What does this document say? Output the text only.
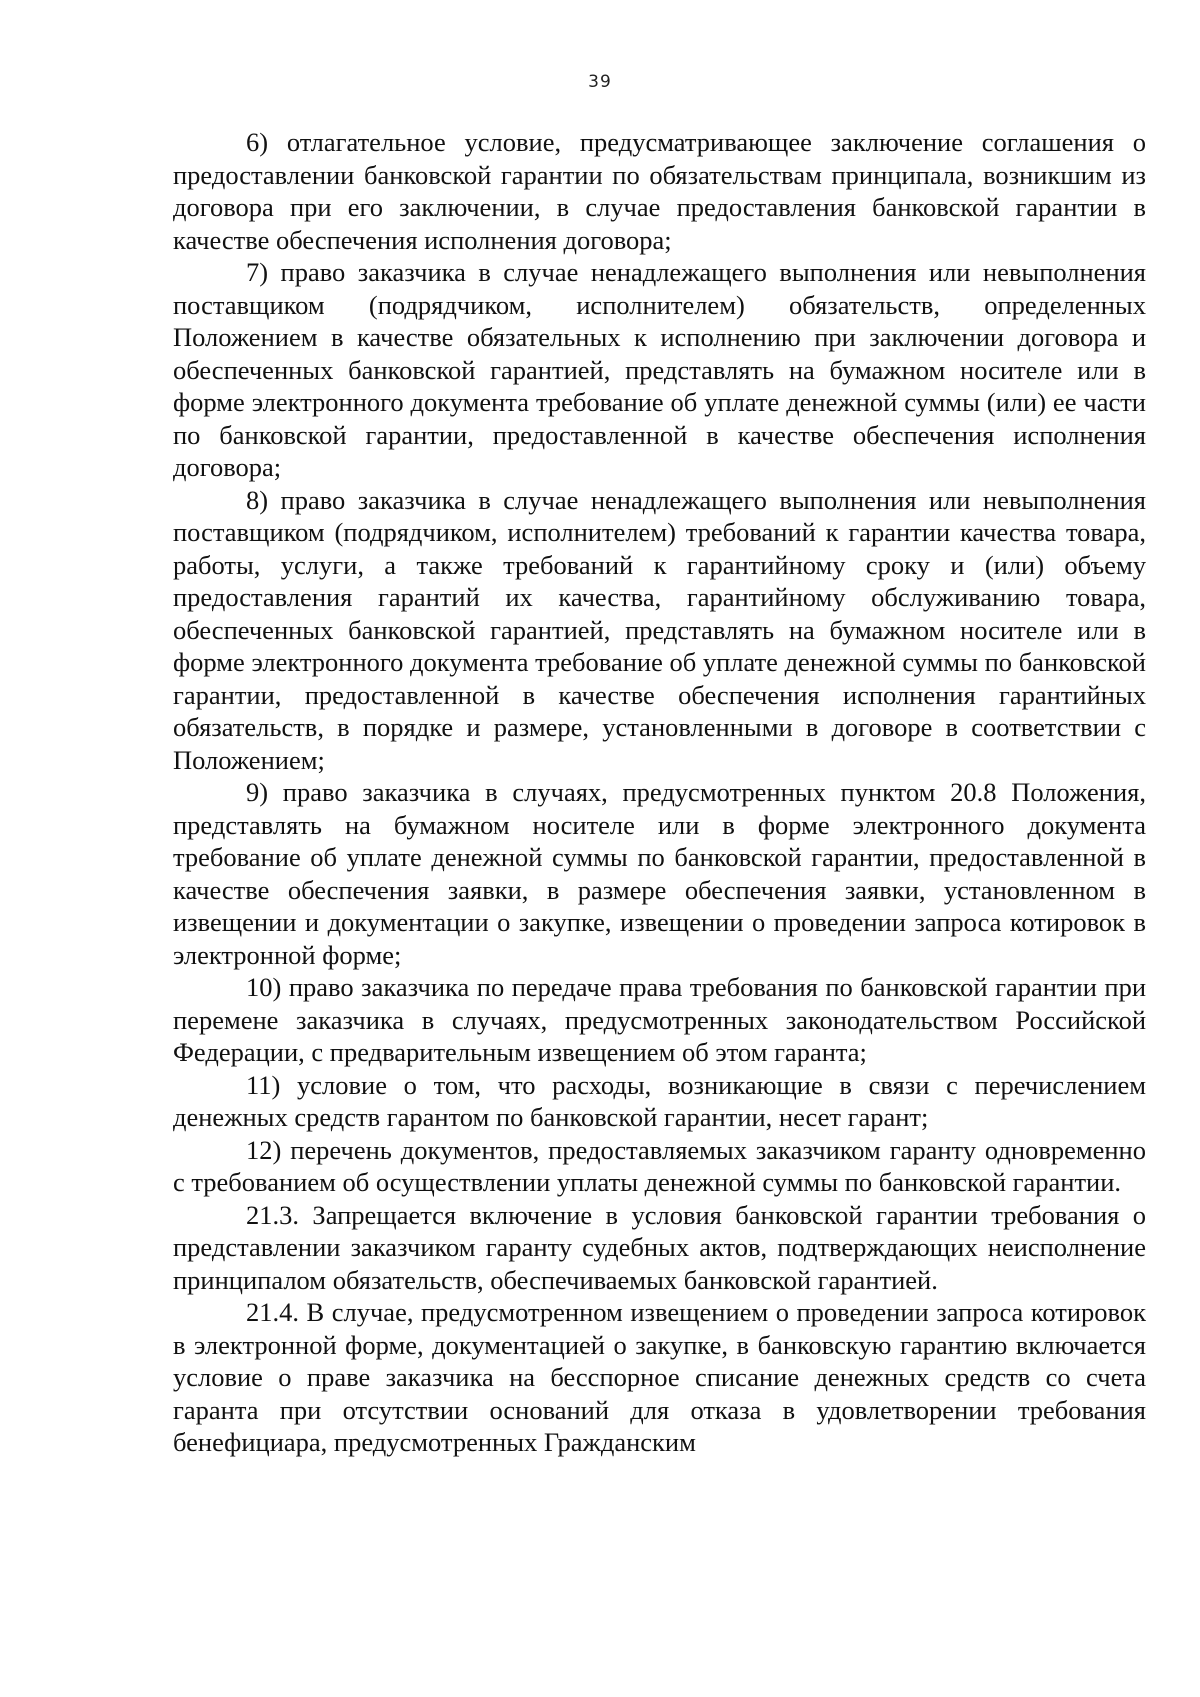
39

6) отлагательное условие, предусматривающее заключение соглашения о предоставлении банковской гарантии по обязательствам принципала, возникшим из договора при его заключении, в случае предоставления банковской гарантии в качестве обеспечения исполнения договора;

7) право заказчика в случае ненадлежащего выполнения или невыполнения поставщиком (подрядчиком, исполнителем) обязательств, определенных Положением в качестве обязательных к исполнению при заключении договора и обеспеченных банковской гарантией, представлять на бумажном носителе или в форме электронного документа требование об уплате денежной суммы (или) ее части по банковской гарантии, предоставленной в качестве обеспечения исполнения договора;

8) право заказчика в случае ненадлежащего выполнения или невыполнения поставщиком (подрядчиком, исполнителем) требований к гарантии качества товара, работы, услуги, а также требований к гарантийному сроку и (или) объему предоставления гарантий их качества, гарантийному обслуживанию товара, обеспеченных банковской гарантией, представлять на бумажном носителе или в форме электронного документа требование об уплате денежной суммы по банковской гарантии, предоставленной в качестве обеспечения исполнения гарантийных обязательств, в порядке и размере, установленными в договоре в соответствии с Положением;

9) право заказчика в случаях, предусмотренных пунктом 20.8 Положения, представлять на бумажном носителе или в форме электронного документа требование об уплате денежной суммы по банковской гарантии, предоставленной в качестве обеспечения заявки, в размере обеспечения заявки, установленном в извещении и документации о закупке, извещении о проведении запроса котировок в электронной форме;

10) право заказчика по передаче права требования по банковской гарантии при перемене заказчика в случаях, предусмотренных законодательством Российской Федерации, с предварительным извещением об этом гаранта;

11) условие о том, что расходы, возникающие в связи с перечислением денежных средств гарантом по банковской гарантии, несет гарант;

12) перечень документов, предоставляемых заказчиком гаранту одновременно с требованием об осуществлении уплаты денежной суммы по банковской гарантии.

21.3. Запрещается включение в условия банковской гарантии требования о представлении заказчиком гаранту судебных актов, подтверждающих неисполнение принципалом обязательств, обеспечиваемых банковской гарантией.

21.4. В случае, предусмотренном извещением о проведении запроса котировок в электронной форме, документацией о закупке, в банковскую гарантию включается условие о праве заказчика на бесспорное списание денежных средств со счета гаранта при отсутствии оснований для отказа в удовлетворении требования бенефициара, предусмотренных Гражданским
